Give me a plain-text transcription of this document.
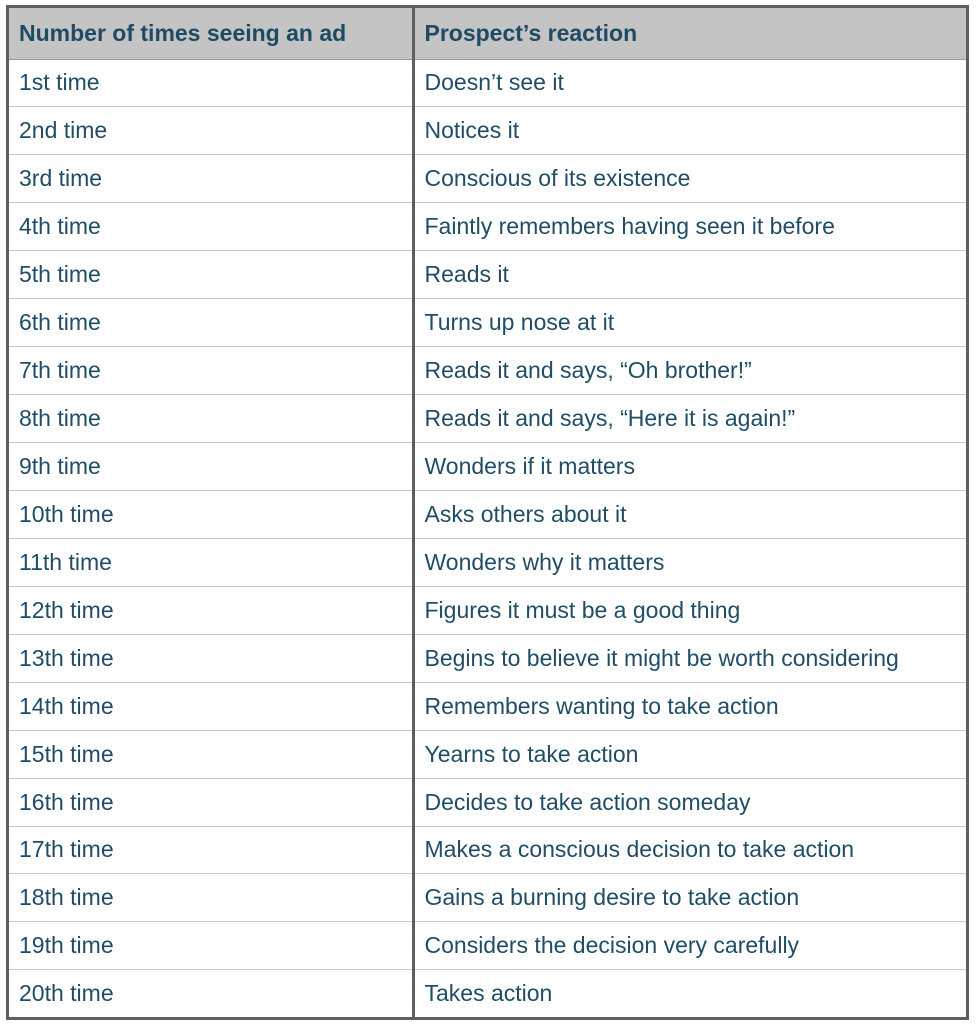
Number of times seeing an ad	Prospect’s reaction
1st time	Doesn’t see it
2nd time	Notices it
3rd time	Conscious of its existence
4th time	Faintly remembers having seen it before
5th time	Reads it
6th time	Turns up nose at it
7th time	Reads it and says, “Oh brother!”
8th time	Reads it and says, “Here it is again!”
9th time	Wonders if it matters
10th time	Asks others about it
11th time	Wonders why it matters
12th time	Figures it must be a good thing
13th time	Begins to believe it might be worth considering
14th time	Remembers wanting to take action
15th time	Yearns to take action
16th time	Decides to take action someday
17th time	Makes a conscious decision to take action
18th time	Gains a burning desire to take action
19th time	Considers the decision very carefully
20th time	Takes action
